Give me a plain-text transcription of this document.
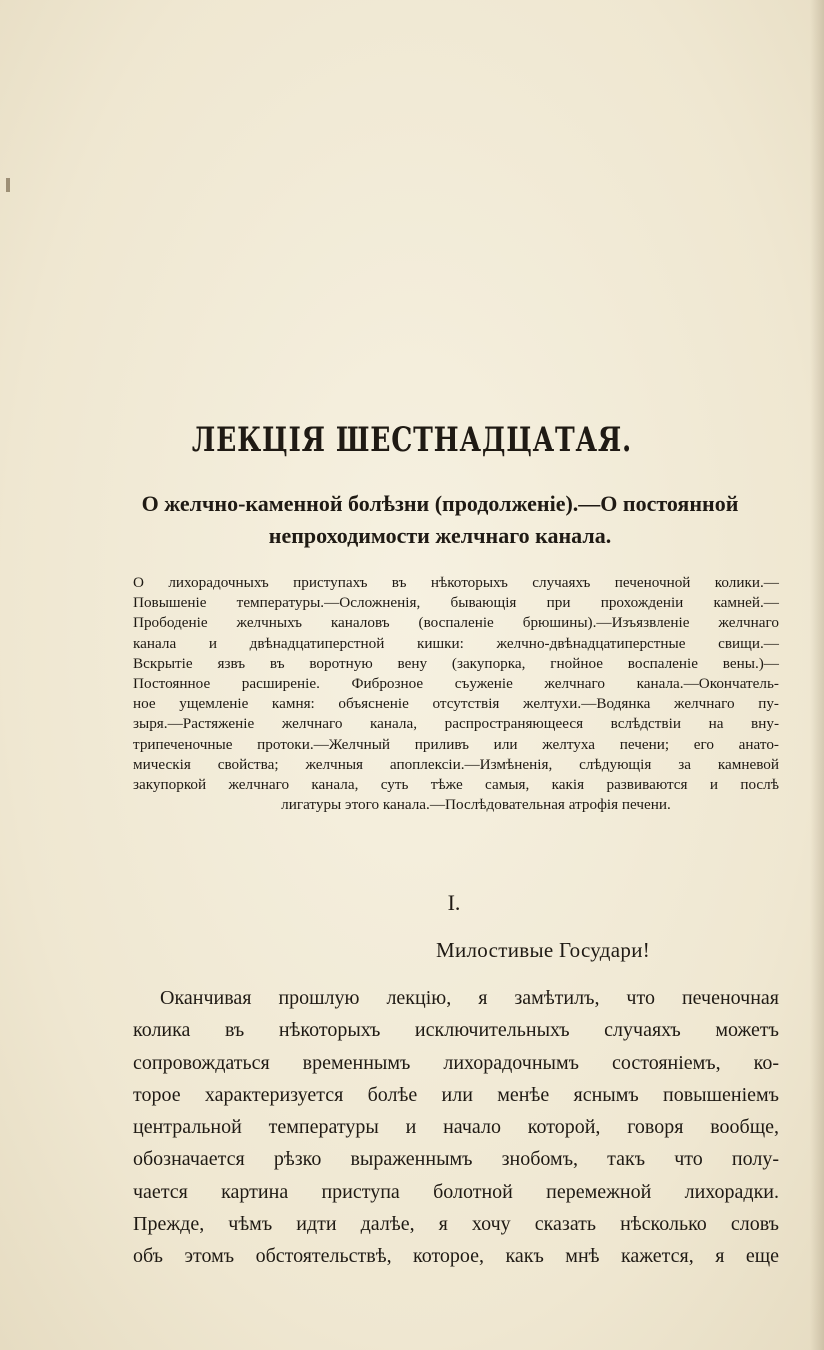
ЛЕКЦІЯ ШЕСТНАДЦАТАЯ.
О желчно-каменной болѣзни (продолженіе).—О постоянной
непроходимости желчнаго канала.
О лихорадочныхъ приступахъ въ нѣкоторыхъ случаяхъ печеночной колики.—
Повышеніе температуры.—Осложненія, бывающія при прохожденіи камней.—
Прободеніе желчныхъ каналовъ (воспаленіе брюшины).—Изъязвленіе желчнаго
канала и двѣнадцатиперстной кишки: желчно-двѣнадцатиперстные свищи.—
Вскрытіе язвъ въ воротную вену (закупорка, гнойное воспаленіе вены.)—
Постоянное расширеніе. Фиброзное съуженіе желчнаго канала.—Окончатель-
ное ущемленіе камня: объясненіе отсутствія желтухи.—Водянка желчнаго пу-
зыря.—Растяженіе желчнаго канала, распространяющееся вслѣдствіи на вну-
трипеченочные протоки.—Желчный приливъ или желтуха печени; его анато-
мическія свойства; желчныя апоплексіи.—Измѣненія, слѣдующія за камневой
закупоркой желчнаго канала, суть тѣже самыя, какія развиваются и послѣ
лигатуры этого канала.—Послѣдовательная атрофія печени.
I.
Милостивые Государи!
Оканчивая прошлую лекцію, я замѣтилъ, что печеночная
колика въ нѣкоторыхъ исключительныхъ случаяхъ можетъ
сопровождаться временнымъ лихорадочнымъ состояніемъ, ко-
торое характеризуется болѣе или менѣе яснымъ повышеніемъ
центральной температуры и начало которой, говоря вообще,
обозначается рѣзко выраженнымъ знобомъ, такъ что полу-
чается картина приступа болотной перемежной лихорадки.
Прежде, чѣмъ идти далѣе, я хочу сказать нѣсколько словъ
объ этомъ обстоятельствѣ, которое, какъ мнѣ кажется, я еще
